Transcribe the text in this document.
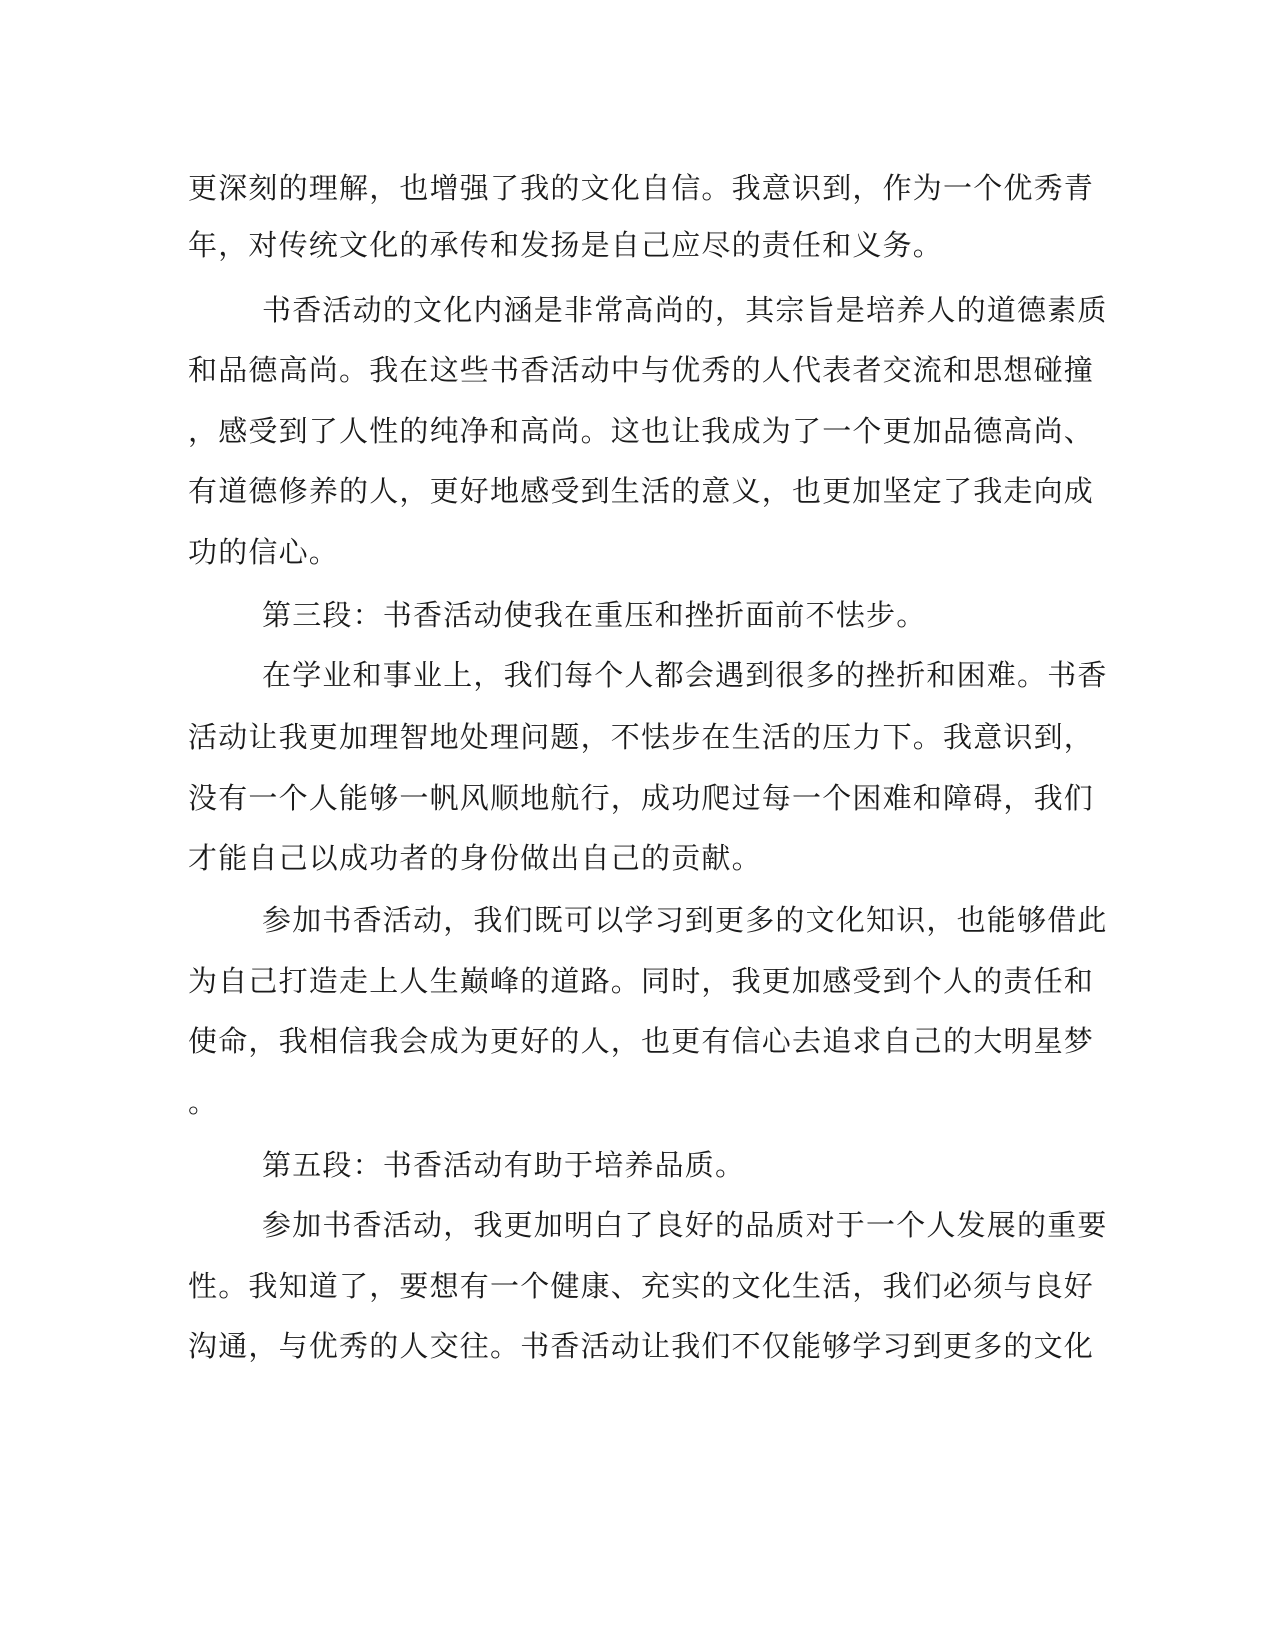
更深刻的理解，也增强了我的文化自信。我意识到，作为一个优秀青
年，对传统文化的承传和发扬是自己应尽的责任和义务。
书香活动的文化内涵是非常高尚的，其宗旨是培养人的道德素质
和品德高尚。我在这些书香活动中与优秀的人代表者交流和思想碰撞
，感受到了人性的纯净和高尚。这也让我成为了一个更加品德高尚、
有道德修养的人，更好地感受到生活的意义，也更加坚定了我走向成
功的信心。
第三段：书香活动使我在重压和挫折面前不怯步。
在学业和事业上，我们每个人都会遇到很多的挫折和困难。书香
活动让我更加理智地处理问题，不怯步在生活的压力下。我意识到，
没有一个人能够一帆风顺地航行，成功爬过每一个困难和障碍，我们
才能自己以成功者的身份做出自己的贡献。
参加书香活动，我们既可以学习到更多的文化知识，也能够借此
为自己打造走上人生巅峰的道路。同时，我更加感受到个人的责任和
使命，我相信我会成为更好的人，也更有信心去追求自己的大明星梦
。
第五段：书香活动有助于培养品质。
参加书香活动，我更加明白了良好的品质对于一个人发展的重要
性。我知道了，要想有一个健康、充实的文化生活，我们必须与良好
沟通，与优秀的人交往。书香活动让我们不仅能够学习到更多的文化
